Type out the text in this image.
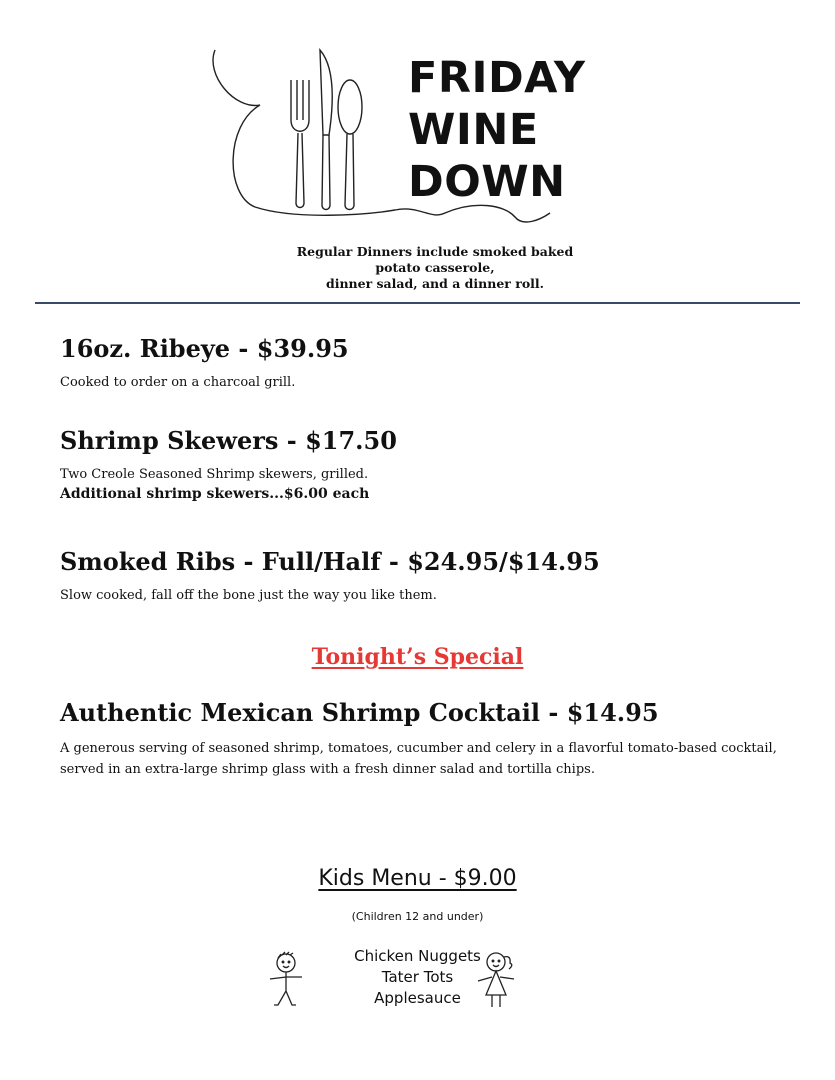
FRIDAY
WINE
DOWN
Regular Dinners include smoked baked
potato casserole,
dinner salad, and a dinner roll.

16oz. Ribeye - $39.95

Cooked to order on a charcoal grill.

Shrimp Skewers - $17.50

Two Creole Seasoned Shrimp skewers, grilled.

Additional shrimp skewers...$6.00 each

Smoked Ribs - Full/Half - $24.95/$14.95

Slow cooked, fall off the bone just the way you like them.

Tonight’s Special

Authentic Mexican Shrimp Cocktail - $14.95

A generous serving of seasoned shrimp, tomatoes, cucumber and celery in a flavorful tomato-based cocktail, served in an extra-large shrimp glass with a fresh dinner salad and tortilla chips.

Kids Menu - $9.00
(Children 12 and under)
Chicken Nuggets
Tater Tots
Applesauce
